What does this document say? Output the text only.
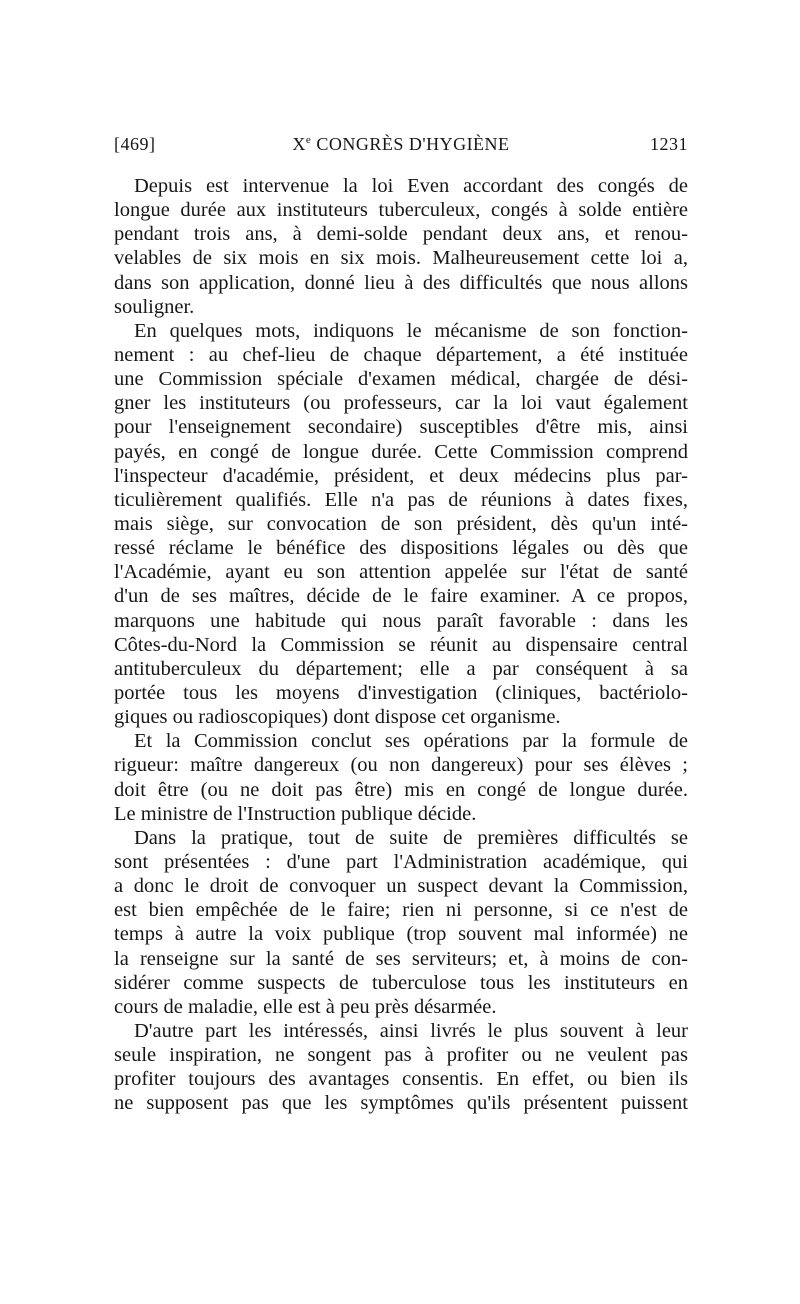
[469]	Xe CONGRÈS D'HYGIÈNE	1231
Depuis est intervenue la loi Even accordant des congés de
longue durée aux instituteurs tuberculeux, congés à solde entière
pendant trois ans, à demi-solde pendant deux ans, et renou-
velables de six mois en six mois. Malheureusement cette loi a,
dans son application, donné lieu à des difficultés que nous allons
souligner.
En quelques mots, indiquons le mécanisme de son fonction-
nement : au chef-lieu de chaque département, a été instituée
une Commission spéciale d'examen médical, chargée de dési-
gner les instituteurs (ou professeurs, car la loi vaut également
pour l'enseignement secondaire) susceptibles d'être mis, ainsi
payés, en congé de longue durée. Cette Commission comprend
l'inspecteur d'académie, président, et deux médecins plus par-
ticulièrement qualifiés. Elle n'a pas de réunions à dates fixes,
mais siège, sur convocation de son président, dès qu'un inté-
ressé réclame le bénéfice des dispositions légales ou dès que
l'Académie, ayant eu son attention appelée sur l'état de santé
d'un de ses maîtres, décide de le faire examiner. A ce propos,
marquons une habitude qui nous paraît favorable : dans les
Côtes-du-Nord la Commission se réunit au dispensaire central
antituberculeux du département; elle a par conséquent à sa
portée tous les moyens d'investigation (cliniques, bactériolo-
giques ou radioscopiques) dont dispose cet organisme.
Et la Commission conclut ses opérations par la formule de
rigueur: maître dangereux (ou non dangereux) pour ses élèves ;
doit être (ou ne doit pas être) mis en congé de longue durée.
Le ministre de l'Instruction publique décide.
Dans la pratique, tout de suite de premières difficultés se
sont présentées : d'une part l'Administration académique, qui
a donc le droit de convoquer un suspect devant la Commission,
est bien empêchée de le faire; rien ni personne, si ce n'est de
temps à autre la voix publique (trop souvent mal informée) ne
la renseigne sur la santé de ses serviteurs; et, à moins de con-
sidérer comme suspects de tuberculose tous les instituteurs en
cours de maladie, elle est à peu près désarmée.
D'autre part les intéressés, ainsi livrés le plus souvent à leur
seule inspiration, ne songent pas à profiter ou ne veulent pas
profiter toujours des avantages consentis. En effet, ou bien ils
ne supposent pas que les symptômes qu'ils présentent puissent
